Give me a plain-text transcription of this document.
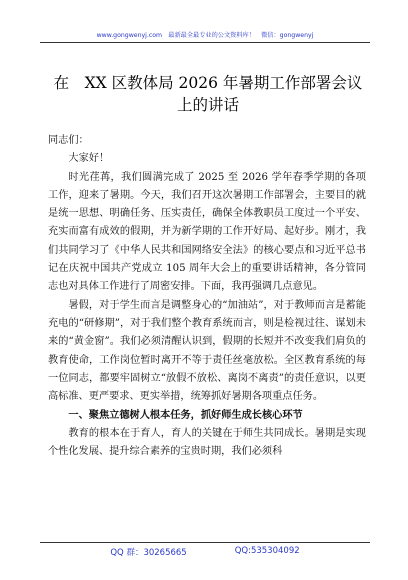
www.gongwenyj.com　最新最全最专业的公文资料库！　微信：gongwenyj
在　XX 区教体局 2026 年暑期工作部署会议
上的讲话

同志们：

大家好！

时光荏苒，我们圆满完成了 2025 至 2026 学年春季学期的各项工作，迎来了暑期。今天，我们召开这次暑期工作部署会，主要目的就是统一思想、明确任务、压实责任，确保全体教职员工度过一个平安、充实而富有成效的假期，并为新学期的工作开好局、起好步。刚才，我们共同学习了《中华人民共和国网络安全法》的核心要点和习近平总书记在庆祝中国共产党成立 105 周年大会上的重要讲话精神，各分管同志也对具体工作进行了周密安排。下面，我再强调几点意见。

暑假，对于学生而言是调整身心的“加油站”，对于教师而言是蓄能充电的“研修期”，对于我们整个教育系统而言，则是检视过往、谋划未来的“黄金窗”。我们必须清醒认识到，假期的长短并不改变我们肩负的教育使命，工作岗位暂时离开不等于责任丝毫放松。全区教育系统的每一位同志，都要牢固树立“放假不放松、离岗不离责”的责任意识，以更高标准、更严要求、更实举措，统筹抓好暑期各项重点任务。

一、聚焦立德树人根本任务，抓好师生成长核心环节

教育的根本在于育人，育人的关键在于师生共同成长。暑期是实现个性化发展、提升综合素养的宝贵时期，我们必须科

QQ 群：30265665	QQ:535304092
